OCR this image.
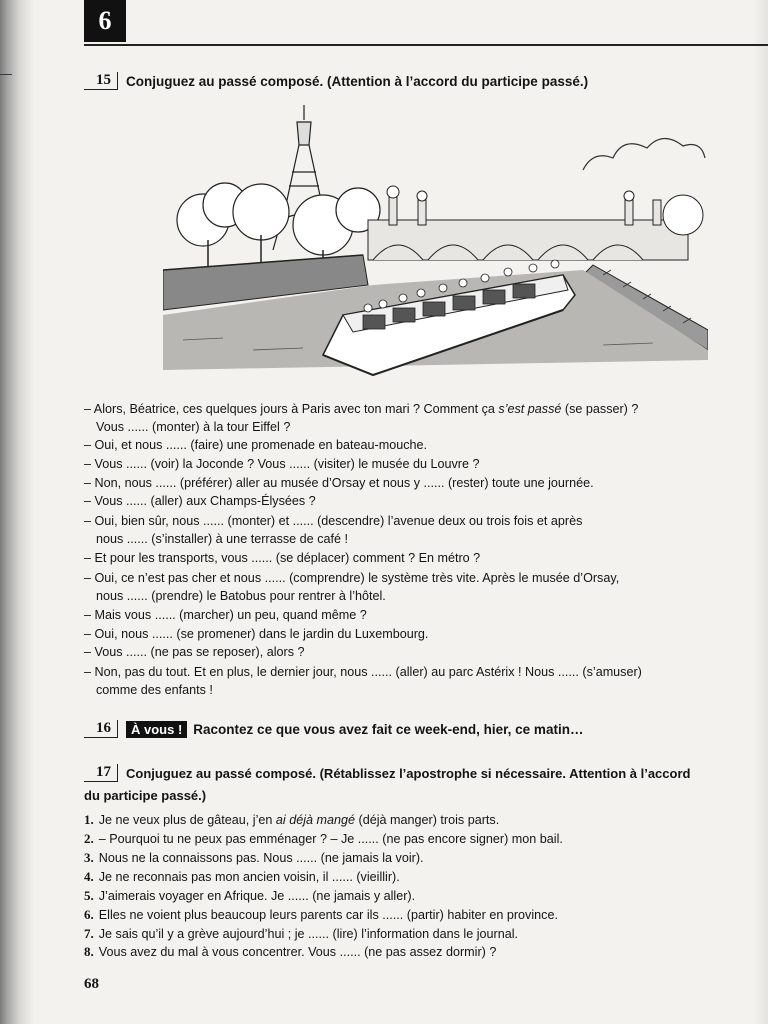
6
15	Conjuguez au passé composé. (Attention à l’accord du participe passé.)
– Alors, Béatrice, ces quelques jours à Paris avec ton mari ? Comment ça s’est passé (se passer) ?
Vous ...... (monter) à la tour Eiffel ?
– Oui, et nous ...... (faire) une promenade en bateau-mouche.
– Vous ...... (voir) la Joconde ? Vous ...... (visiter) le musée du Louvre ?
– Non, nous ...... (préférer) aller au musée d’Orsay et nous y ...... (rester) toute une journée.
– Vous ...... (aller) aux Champs-Élysées ?
– Oui, bien sûr, nous ...... (monter) et ...... (descendre) l’avenue deux ou trois fois et après
nous ...... (s’installer) à une terrasse de café !
– Et pour les transports, vous ...... (se déplacer) comment ? En métro ?
– Oui, ce n’est pas cher et nous ...... (comprendre) le système très vite. Après le musée d’Orsay,
nous ...... (prendre) le Batobus pour rentrer à l’hôtel.
– Mais vous ...... (marcher) un peu, quand même ?
– Oui, nous ...... (se promener) dans le jardin du Luxembourg.
– Vous ...... (ne pas se reposer), alors ?
– Non, pas du tout. Et en plus, le dernier jour, nous ...... (aller) au parc Astérix ! Nous ...... (s’amuser)
comme des enfants !
16	À vous ! Racontez ce que vous avez fait ce week-end, hier, ce matin…
17	Conjuguez au passé composé. (Rétablissez l’apostrophe si nécessaire. Attention à l’accord
du participe passé.)
1. Je ne veux plus de gâteau, j’en ai déjà mangé (déjà manger) trois parts.
2. – Pourquoi tu ne peux pas emménager ? – Je ...... (ne pas encore signer) mon bail.
3. Nous ne la connaissons pas. Nous ...... (ne jamais la voir).
4. Je ne reconnais pas mon ancien voisin, il ...... (vieillir).
5. J’aimerais voyager en Afrique. Je ...... (ne jamais y aller).
6. Elles ne voient plus beaucoup leurs parents car ils ...... (partir) habiter en province.
7. Je sais qu’il y a grève aujourd’hui ; je ...... (lire) l’information dans le journal.
8. Vous avez du mal à vous concentrer. Vous ...... (ne pas assez dormir) ?
68
